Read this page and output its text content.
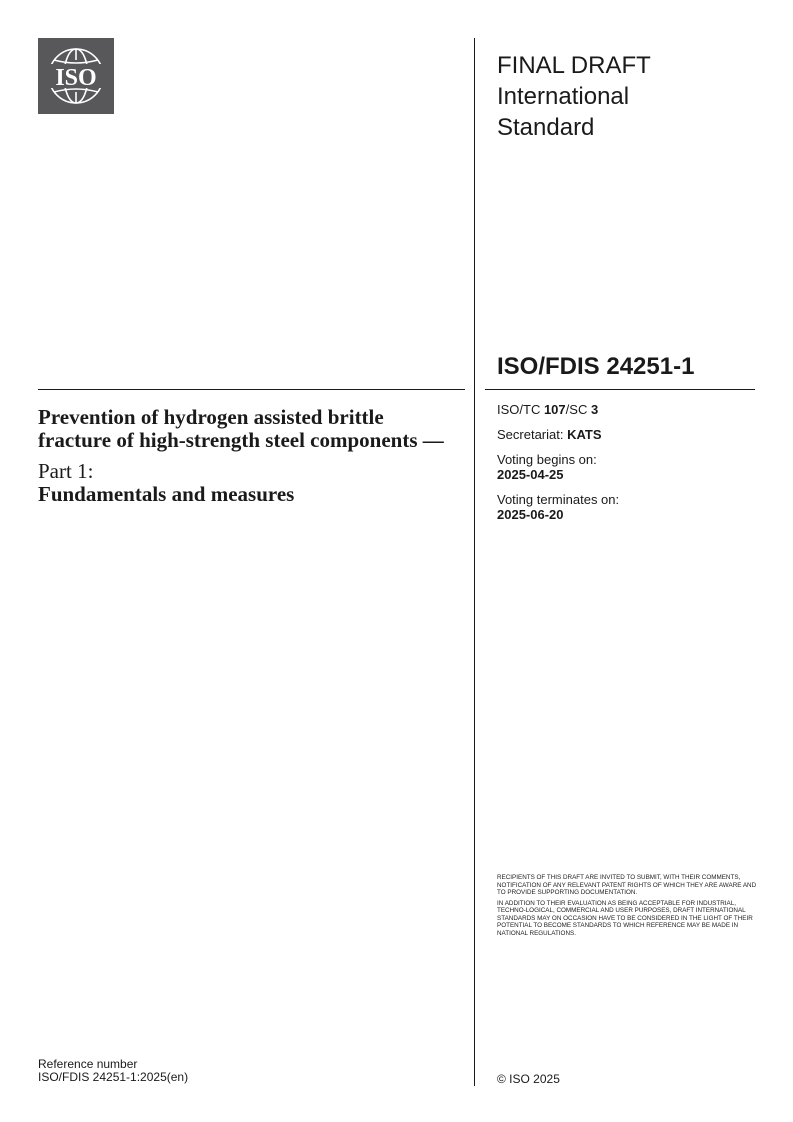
ISO	FINAL DRAFT
International
Standard
ISO/FDIS 24251-1

Prevention of hydrogen assisted brittle fracture of high-strength steel components —

Part 1:

Fundamentals and measures

ISO/TC 107/SC 3
Secretariat: KATS
Voting begins on:
2025-04-25
Voting terminates on:
2025-06-20

RECIPIENTS OF THIS DRAFT ARE INVITED TO SUBMIT, WITH THEIR COMMENTS, NOTIFICATION OF ANY RELEVANT PATENT RIGHTS OF WHICH THEY ARE AWARE AND TO PROVIDE SUPPORTING DOCUMENTATION.

IN ADDITION TO THEIR EVALUATION AS BEING ACCEPTABLE FOR INDUSTRIAL, TECHNO-LOGICAL, COMMERCIAL AND USER PURPOSES, DRAFT INTERNATIONAL STANDARDS MAY ON OCCASION HAVE TO BE CONSIDERED IN THE LIGHT OF THEIR POTENTIAL TO BECOME STANDARDS TO WHICH REFERENCE MAY BE MADE IN NATIONAL REGULATIONS.

Reference number
ISO/FDIS 24251-1:2025(en)	© ISO 2025
